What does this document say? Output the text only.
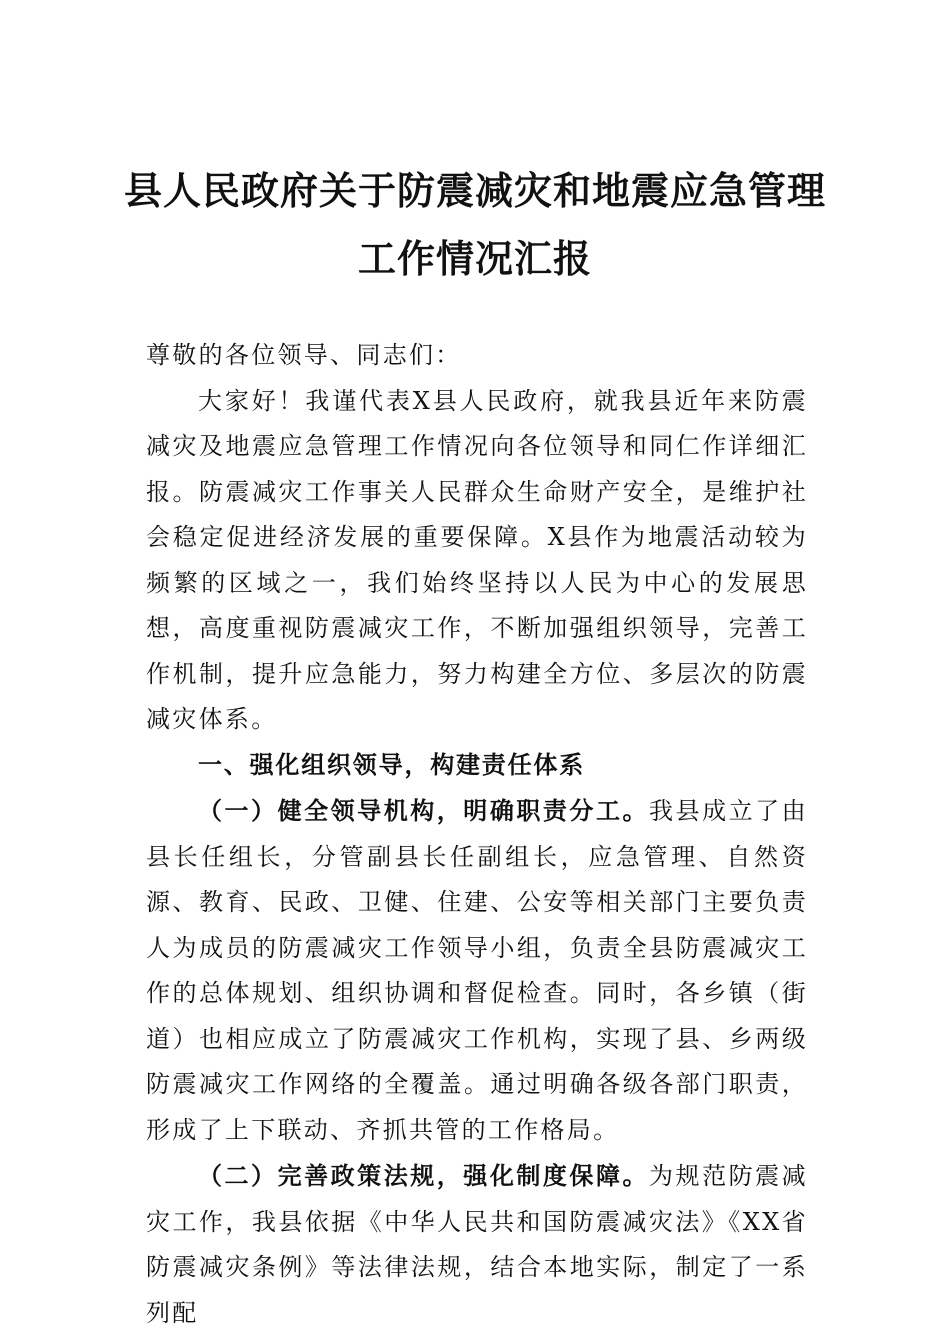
县人民政府关于防震减灾和地震应急管理
工作情况汇报

尊敬的各位领导、同志们：

大家好！我谨代表X县人民政府，就我县近年来防震减灾及地震应急管理工作情况向各位领导和同仁作详细汇报。防震减灾工作事关人民群众生命财产安全，是维护社会稳定促进经济发展的重要保障。X县作为地震活动较为频繁的区域之一，我们始终坚持以人民为中心的发展思想，高度重视防震减灾工作，不断加强组织领导，完善工作机制，提升应急能力，努力构建全方位、多层次的防震减灾体系。

一、强化组织领导，构建责任体系

（一）健全领导机构，明确职责分工。我县成立了由县长任组长，分管副县长任副组长，应急管理、自然资源、教育、民政、卫健、住建、公安等相关部门主要负责人为成员的防震减灾工作领导小组，负责全县防震减灾工作的总体规划、组织协调和督促检查。同时，各乡镇（街道）也相应成立了防震减灾工作机构，实现了县、乡两级防震减灾工作网络的全覆盖。通过明确各级各部门职责，形成了上下联动、齐抓共管的工作格局。

（二）完善政策法规，强化制度保障。为规范防震减灾工作，我县依据《中华人民共和国防震减灾法》《XX省防震减灾条例》等法律法规，结合本地实际，制定了一系列配
